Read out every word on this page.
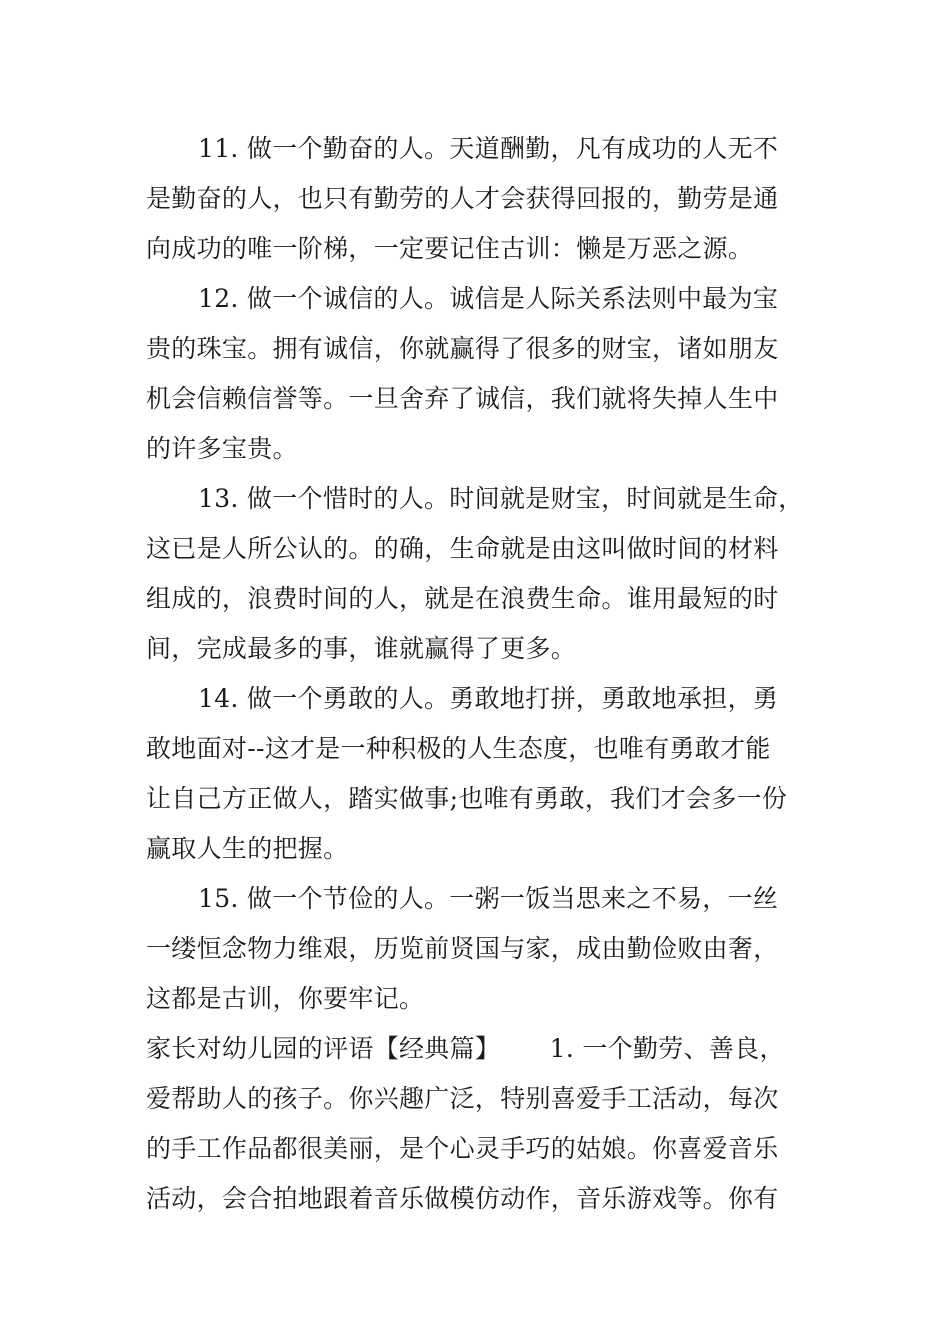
11. 做一个勤奋的人。天道酬勤，凡有成功的人无不
是勤奋的人，也只有勤劳的人才会获得回报的，勤劳是通
向成功的唯一阶梯，一定要记住古训：懒是万恶之源。
12. 做一个诚信的人。诚信是人际关系法则中最为宝
贵的珠宝。拥有诚信，你就赢得了很多的财宝，诸如朋友
机会信赖信誉等。一旦舍弃了诚信，我们就将失掉人生中
的许多宝贵。
13. 做一个惜时的人。时间就是财宝，时间就是生命，
这已是人所公认的。的确，生命就是由这叫做时间的材料
组成的，浪费时间的人，就是在浪费生命。谁用最短的时
间，完成最多的事，谁就赢得了更多。
14. 做一个勇敢的人。勇敢地打拼，勇敢地承担，勇
敢地面对--这才是一种积极的人生态度，也唯有勇敢才能
让自己方正做人，踏实做事;也唯有勇敢，我们才会多一份
赢取人生的把握。
15. 做一个节俭的人。一粥一饭当思来之不易，一丝
一缕恒念物力维艰，历览前贤国与家，成由勤俭败由奢，
这都是古训，你要牢记。
家长对幼儿园的评语【经典篇】      1. 一个勤劳、善良，
爱帮助人的孩子。你兴趣广泛，特别喜爱手工活动，每次
的手工作品都很美丽，是个心灵手巧的姑娘。你喜爱音乐
活动，会合拍地跟着音乐做模仿动作，音乐游戏等。你有
